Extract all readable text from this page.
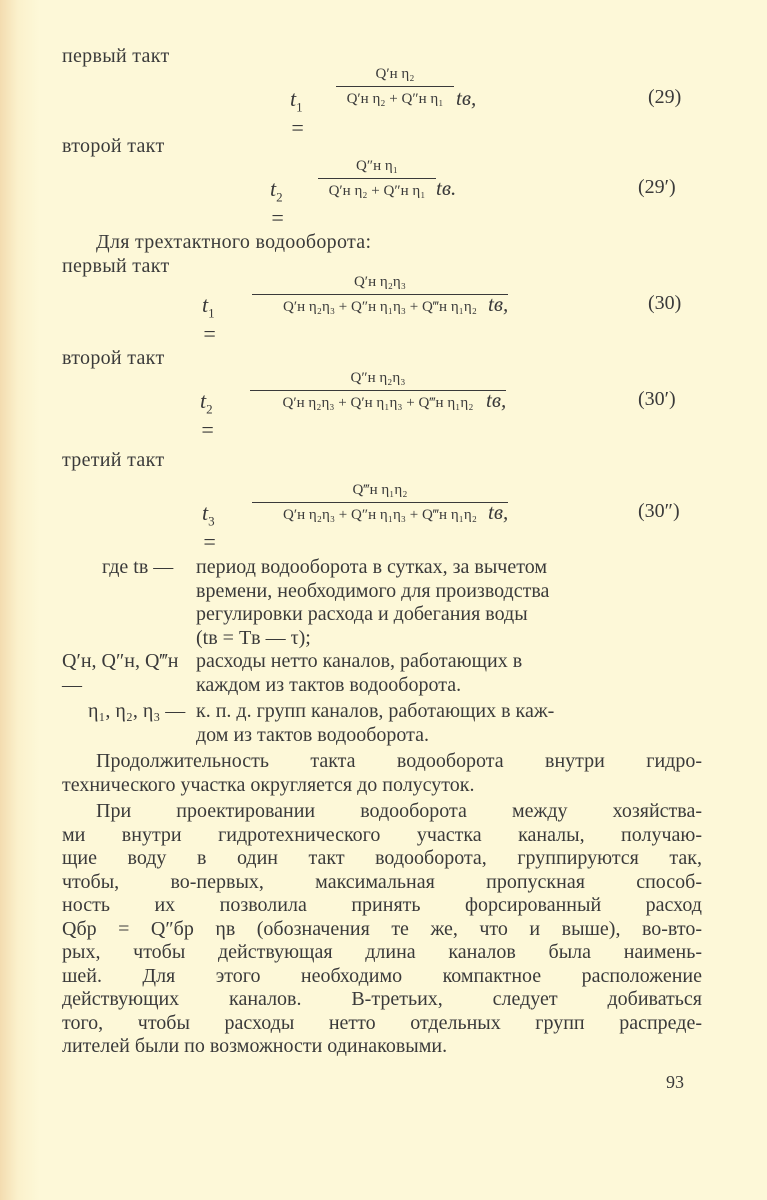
первый такт
$t_1$ =
Q′н η₂
Q′н η₂ + Q″н η₁ tв,	(29)
второй такт
$t_2$ =
Q″н η₁
Q′н η₂ + Q″н η₁ tв.	(29′)
Для трехтактного водооборота:
первый такт
$t_1$ =
Q′н η₂η₃
Q′н η₂η₃ + Q″н η₁η₃ + Q‴н η₁η₂ tв,	(30)
второй такт
$t_2$ =
Q″н η₂η₃
Q′н η₂η₃ + Q′н η₁η₃ + Q‴н η₁η₂ tв,	(30′)
третий такт
$t_3$ =
Q‴н η₁η₂
Q′н η₂η₃ + Q″н η₁η₃ + Q‴н η₁η₂ tв,	(30″)
где tв —	период водооборота в сутках, за вычетом
времени, необходимого для производства
регулировки расхода и добегания воды
(tв = Tв — τ);
Q′н, Q″н, Q‴н —
расходы нетто каналов, работающих в
каждом из тактов водооборота.
η₁, η₂, η₃ — к. п. д. групп каналов, работающих в каж-
дом из тактов водооборота.
Продолжительность такта водооборота внутри гидро-
технического участка округляется до полусуток.
При проектировании водооборота между хозяйства-
ми внутри гидротехнического участка каналы, получаю-
щие воду в один такт водооборота, группируются так,
чтобы, во-первых, максимальная пропускная способ-
ность их позволила принять форсированный расход
Qбр = Q″бр ηв (обозначения те же, что и выше), во-вто-
рых, чтобы действующая длина каналов была наимень-
шей. Для этого необходимо компактное расположение
действующих каналов. В-третьих, следует добиваться
того, чтобы расходы нетто отдельных групп распреде-
лителей были по возможности одинаковыми.
93
